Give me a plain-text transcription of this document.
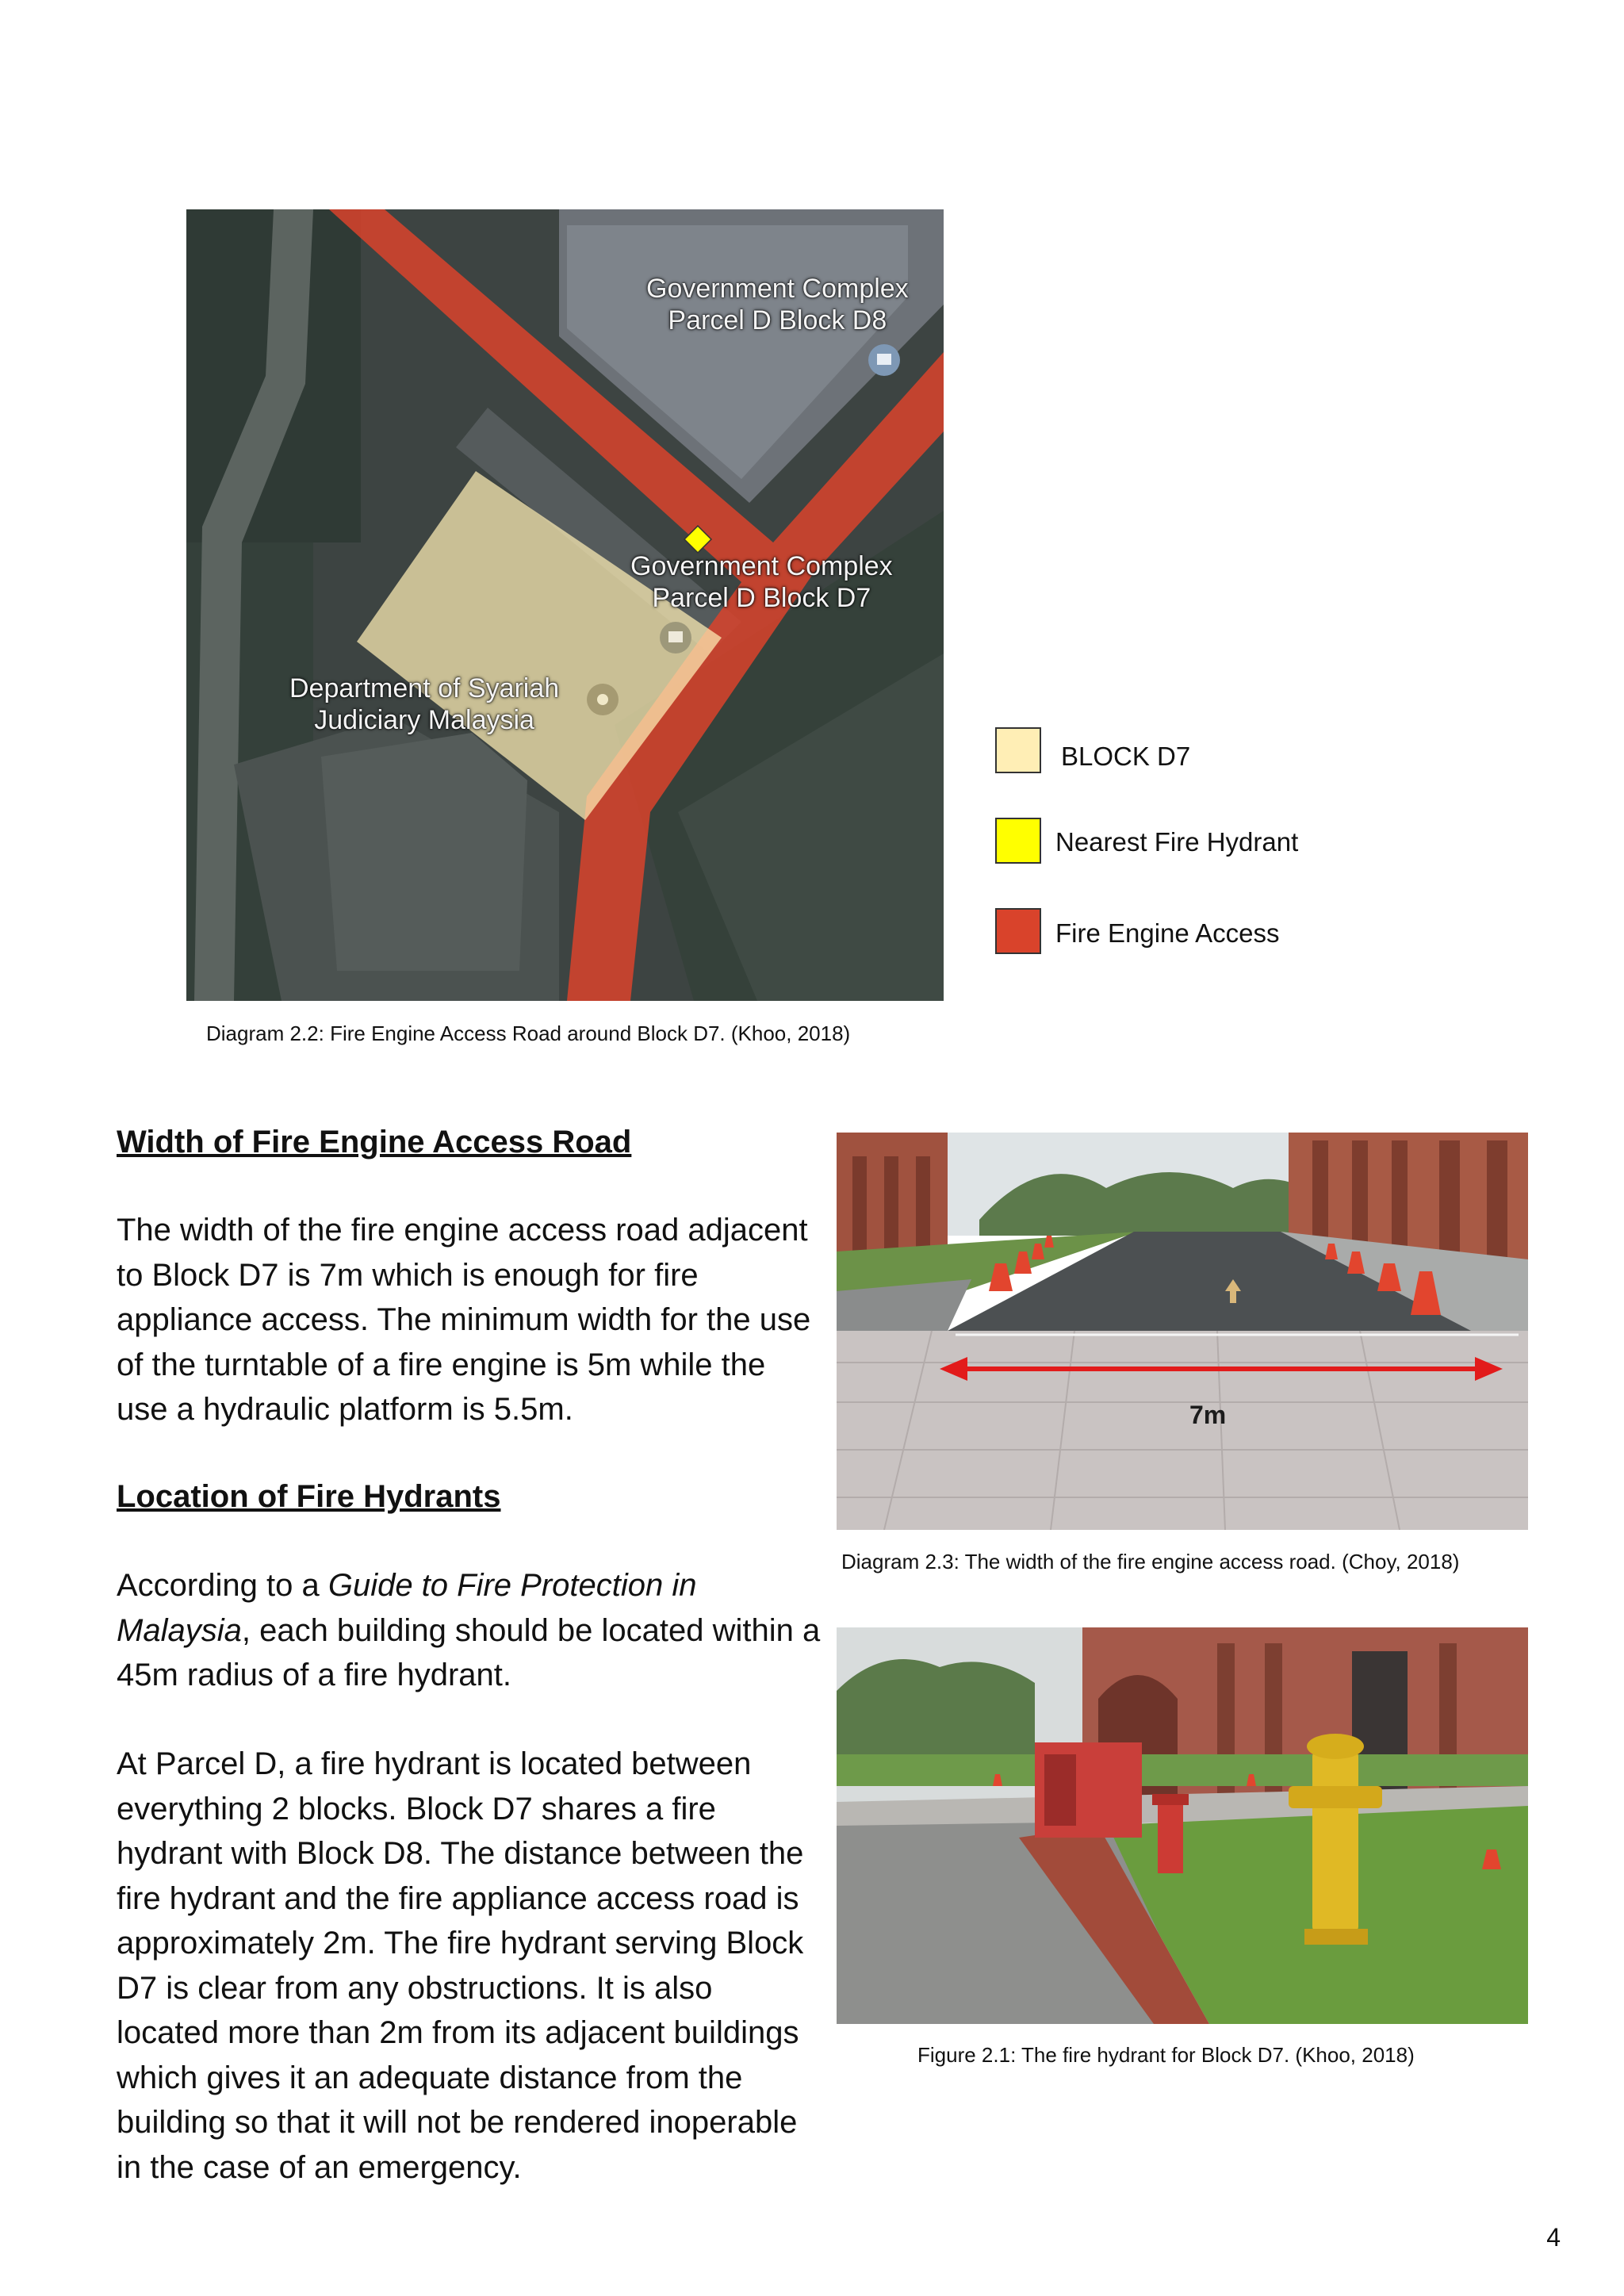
Government Complex
Parcel D Block D8
Government Complex
Parcel D Block D7
Department of Syariah
Judiciary Malaysia
BLOCK D7
Nearest Fire Hydrant
Fire Engine Access
Diagram 2.2: Fire Engine Access Road around Block D7. (Khoo, 2018)
Width of Fire Engine Access Road

The width of the fire engine access road adjacent to Block D7 is 7m which is enough for fire appliance access. The minimum width for the use of the turntable of a fire engine is 5m while the use a hydraulic platform is 5.5m.

Location of Fire Hydrants

According to a Guide to Fire Protection in Malaysia, each building should be located within a 45m radius of a fire hydrant.

At Parcel D, a fire hydrant is located between everything 2 blocks. Block D7 shares a fire hydrant with Block D8. The distance between the fire hydrant and the fire appliance access road is approximately 2m. The fire hydrant serving Block D7 is clear from any obstructions. It is also located more than 2m from its adjacent buildings which gives it an adequate distance from the building so that it will not be rendered inoperable in the case of an emergency.

7m
Diagram 2.3: The width of the fire engine access road. (Choy, 2018)
Figure 2.1: The fire hydrant for Block D7. (Khoo, 2018)
4
